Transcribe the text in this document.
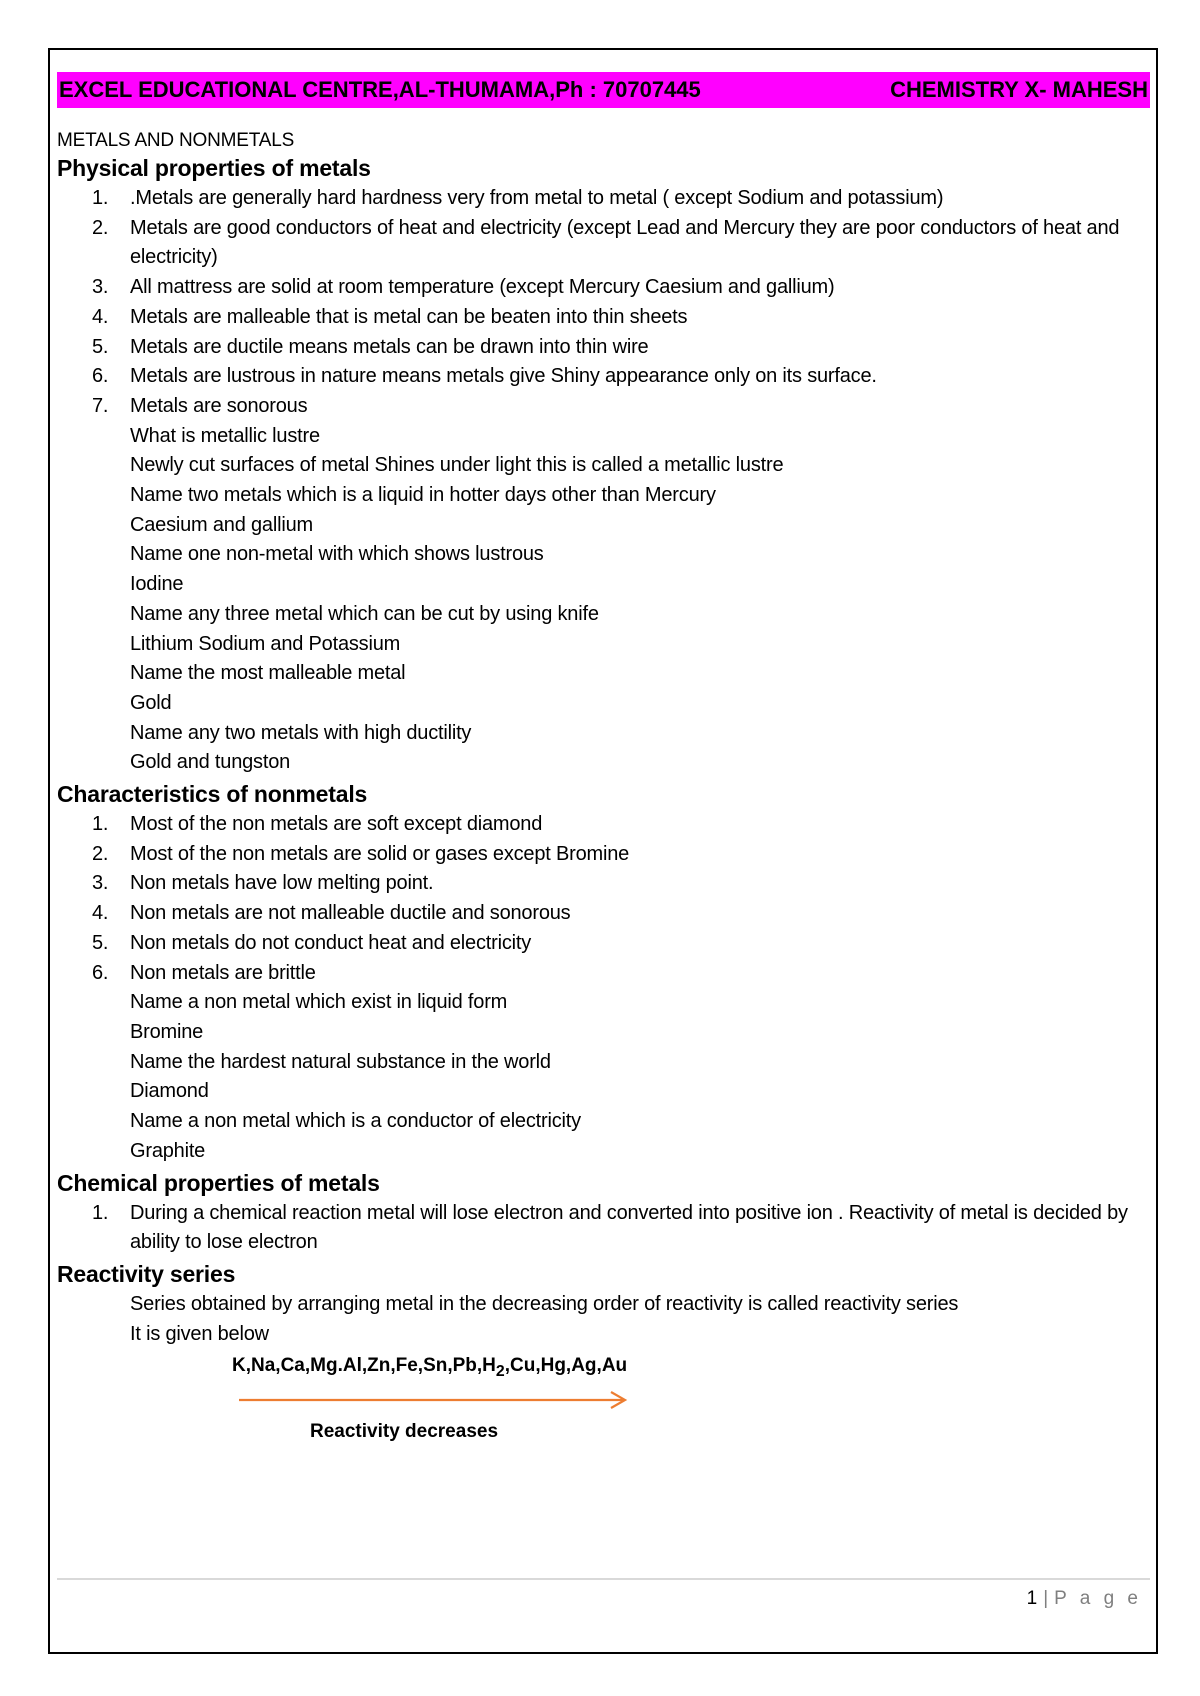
EXCEL EDUCATIONAL CENTRE,AL-THUMAMA,Ph : 70707445	CHEMISTRY X- MAHESH
METALS AND NONMETALS
Physical properties of metals
1.	.Metals are generally hard hardness very from metal to metal ( except Sodium and potassium)
2.	Metals are good conductors of heat and electricity (except Lead and Mercury they are poor conductors of heat and electricity)
3.	All mattress are solid at room temperature (except Mercury Caesium and gallium)
4.	Metals are malleable that is metal can be beaten into thin sheets
5.	Metals are ductile means metals can be drawn into thin wire
6.	Metals are lustrous in nature means metals give Shiny appearance only on its surface.
7.	Metals are sonorous
What is metallic lustre
Newly cut surfaces of metal Shines under light this is called a metallic lustre
Name two metals which is a liquid in hotter days other than Mercury
Caesium and gallium
Name one non-metal with which shows lustrous
Iodine
Name any three metal which can be cut by using knife
Lithium Sodium and Potassium
Name the most malleable metal
Gold
Name any two metals with high ductility
Gold and tungston
Characteristics of nonmetals
1.	Most of the non metals are soft except diamond
2.	Most of the non metals are solid or gases except Bromine
3.	Non metals have low melting point.
4.	Non metals are not malleable ductile and sonorous
5.	Non metals do not conduct heat and electricity
6.	Non metals are brittle
Name a non metal which exist in liquid form
Bromine
Name the hardest natural substance in the world
Diamond
Name a non metal which is a conductor of electricity
Graphite
Chemical properties of metals
1.	During a chemical reaction metal will lose electron and converted into positive ion . Reactivity of metal is decided by ability to lose electron
Reactivity series
Series obtained by arranging metal in the decreasing order of reactivity is called reactivity series
It is given below
$K,Na,Ca,Mg.Al,Zn,Fe,Sn,Pb,H_2,Cu,Hg,Ag,Au$
Reactivity decreases
1 | P a g e
